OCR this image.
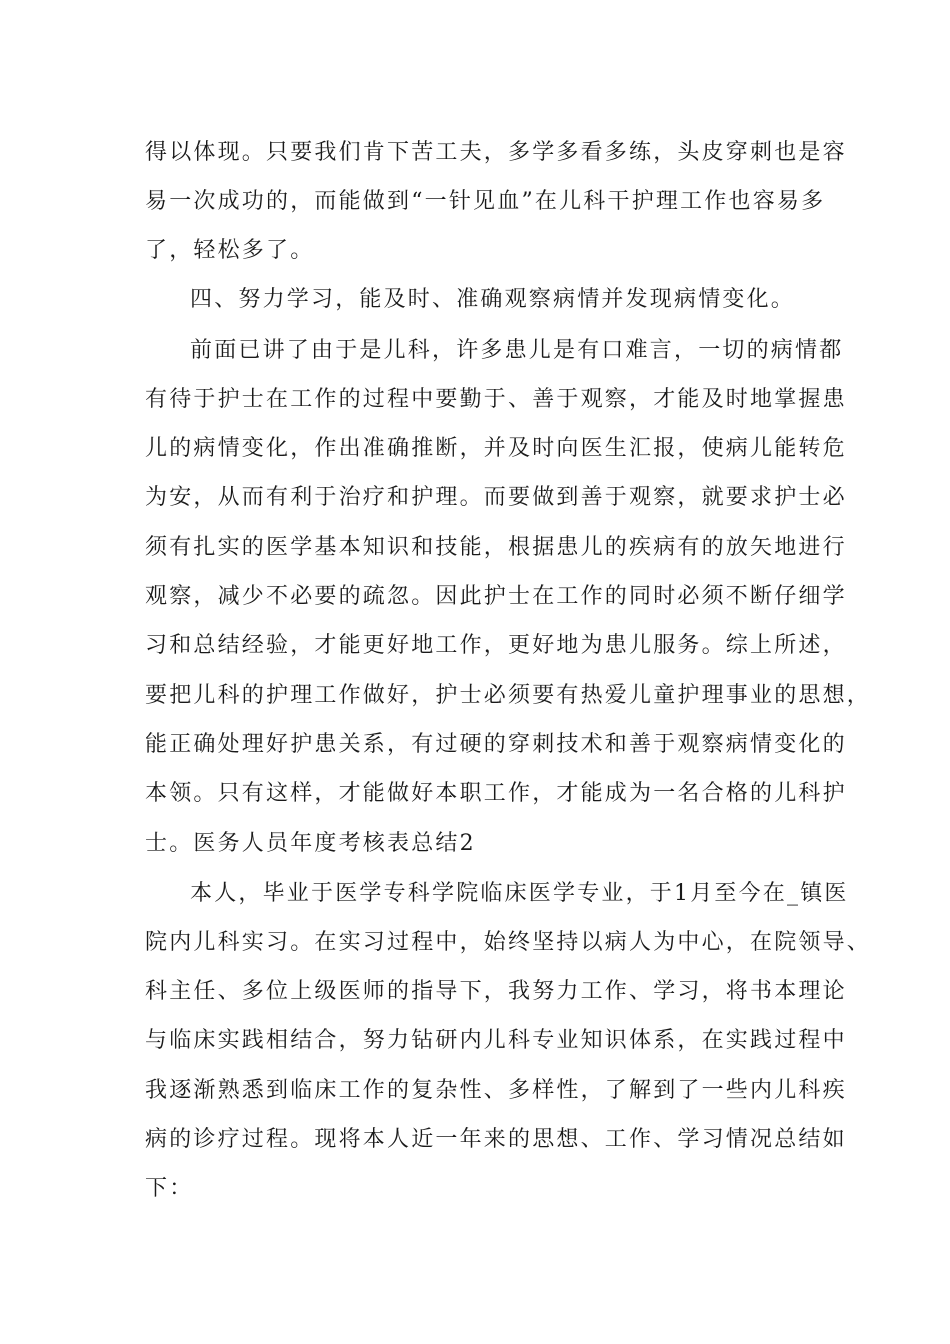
得以体现。只要我们肯下苦工夫，多学多看多练，头皮穿刺也是容
易一次成功的，而能做到“一针见血”在儿科干护理工作也容易多
了，轻松多了。
四、努力学习，能及时、准确观察病情并发现病情变化。
前面已讲了由于是儿科，许多患儿是有口难言，一切的病情都
有待于护士在工作的过程中要勤于、善于观察，才能及时地掌握患
儿的病情变化，作出准确推断，并及时向医生汇报，使病儿能转危
为安，从而有利于治疗和护理。而要做到善于观察，就要求护士必
须有扎实的医学基本知识和技能，根据患儿的疾病有的放矢地进行
观察，减少不必要的疏忽。因此护士在工作的同时必须不断仔细学
习和总结经验，才能更好地工作，更好地为患儿服务。综上所述，
要把儿科的护理工作做好，护士必须要有热爱儿童护理事业的思想，
能正确处理好护患关系，有过硬的穿刺技术和善于观察病情变化的
本领。只有这样，才能做好本职工作，才能成为一名合格的儿科护
士。医务人员年度考核表总结2
本人，毕业于医学专科学院临床医学专业，于1月至今在_镇医
院内儿科实习。在实习过程中，始终坚持以病人为中心，在院领导、
科主任、多位上级医师的指导下，我努力工作、学习，将书本理论
与临床实践相结合，努力钻研内儿科专业知识体系，在实践过程中
我逐渐熟悉到临床工作的复杂性、多样性，了解到了一些内儿科疾
病的诊疗过程。现将本人近一年来的思想、工作、学习情况总结如
下：
